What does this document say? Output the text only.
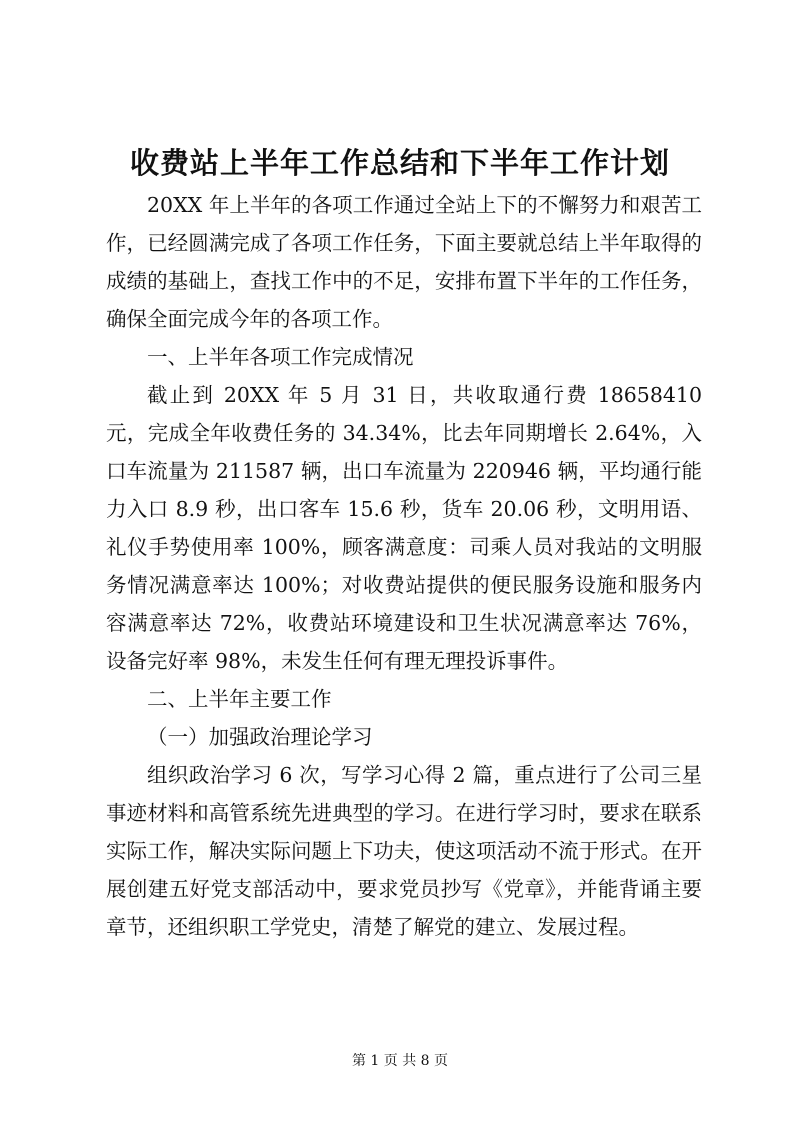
收费站上半年工作总结和下半年工作计划

20XX 年上半年的各项工作通过全站上下的不懈努力和艰苦工作，已经圆满完成了各项工作任务，下面主要就总结上半年取得的成绩的基础上，查找工作中的不足，安排布置下半年的工作任务，确保全面完成今年的各项工作。

一、上半年各项工作完成情况

截止到 20XX 年 5 月 31 日，共收取通行费 18658410 元，完成全年收费任务的 34.34%，比去年同期增长 2.64%，入口车流量为 211587 辆，出口车流量为 220946 辆，平均通行能力入口 8.9 秒，出口客车 15.6 秒，货车 20.06 秒，文明用语、礼仪手势使用率 100%，顾客满意度：司乘人员对我站的文明服务情况满意率达 100%；对收费站提供的便民服务设施和服务内容满意率达 72%，收费站环境建设和卫生状况满意率达 76%，设备完好率 98%，未发生任何有理无理投诉事件。

二、上半年主要工作

（一）加强政治理论学习

组织政治学习 6 次，写学习心得 2 篇，重点进行了公司三星事迹材料和高管系统先进典型的学习。在进行学习时，要求在联系实际工作，解决实际问题上下功夫，使这项活动不流于形式。在开展创建五好党支部活动中，要求党员抄写《党章》，并能背诵主要章节，还组织职工学党史，清楚了解党的建立、发展过程。

第 1 页 共 8 页
